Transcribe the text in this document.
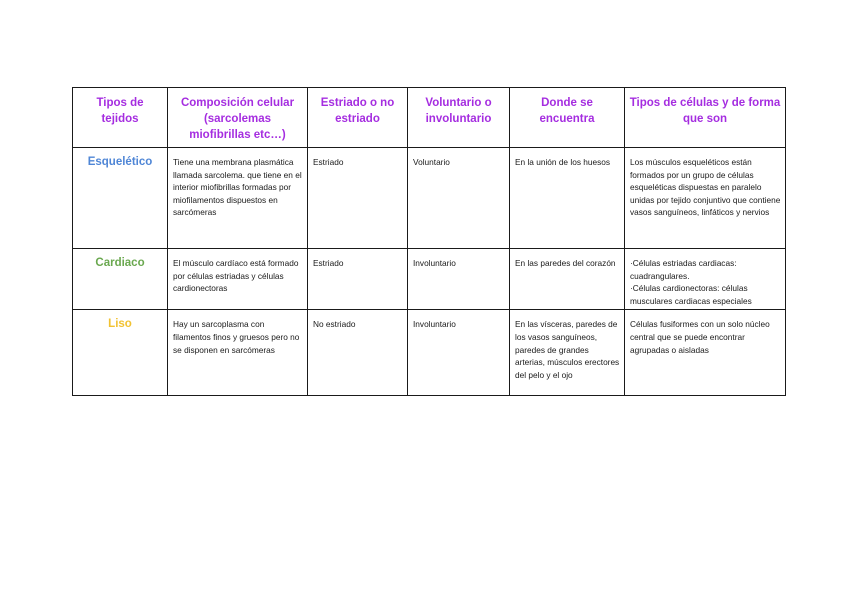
Tipos de tejidos	Composición celular (sarcolemas miofibrillas etc…)	Estriado o no estriado	Voluntario o involuntario	Donde se encuentra	Tipos de células y de forma que son

Esquelético	Tiene una membrana plasmática llamada sarcolema. que tiene en el interior miofibrillas formadas por miofilamentos dispuestos en sarcómeras	Estriado	Voluntario	En la unión de los huesos	Los músculos esqueléticos están formados por un grupo de células esqueléticas dispuestas en paralelo unidas por tejido conjuntivo que contiene vasos sanguíneos, linfáticos y nervios

Cardiaco	El músculo cardíaco está formado por células estriadas y células cardionectoras	Estriado	Involuntario	En las paredes del corazón	·Células estriadas cardiacas: cuadrangulares.
·Células cardionectoras: células musculares cardiacas especiales

Liso	Hay un sarcoplasma con filamentos finos y gruesos pero no se disponen en sarcómeras	No estriado	Involuntario	En las vísceras, paredes de los vasos sanguíneos, paredes de grandes arterias, músculos erectores del pelo y el ojo	Células fusiformes con un solo núcleo central que se puede encontrar agrupadas o aisladas
